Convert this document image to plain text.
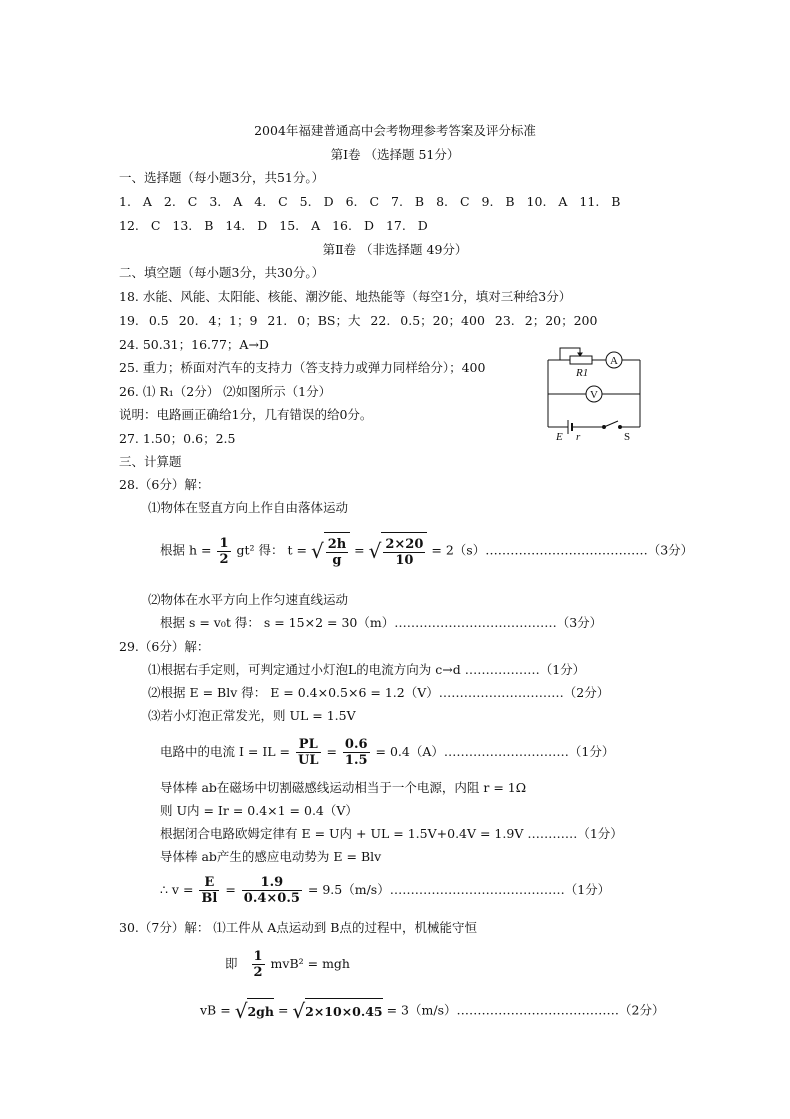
2004年福建普通高中会考物理参考答案及评分标准
第Ⅰ卷 （选择题 51分）
一、选择题（每小题3分，共51分。）
1. A 2. C 3. A 4. C 5. D 6. C 7. B 8. C 9. B 10. A 11. B
12. C 13. B 14. D 15. A 16. D 17. D
第Ⅱ卷 （非选择题 49分）
二、填空题（每小题3分，共30分。）
18. 水能、风能、太阳能、核能、潮汐能、地热能等（每空1分，填对三种给3分）
19. 0.5 20. 4；1；9 21. 0；BS；大 22. 0.5；20；400 23. 2；20；200
24. 50.31；16.77；A→D
25. 重力；桥面对汽车的支持力（答支持力或弹力同样给分）；400
26. ⑴ R₁（2分） ⑵如图所示（1分）
说明：电路画正确给1分，几有错误的给0分。
27. 1.50；0.6；2.5
R1
A
V
E r	S
三、计算题
28.（6分）解：
⑴物体在竖直方向上作自由落体运动
根据 $h = \frac{1}{2} gt^2$ 得： t = √ $\frac{2h}{g}$ = √ $\frac{2\times 20}{10}$ = 2（s）…………………………………（3分）
⑵物体在水平方向上作匀速直线运动
根据 s = v₀t 得： s = 15×2 = 30（m）…………………………………（3分）
29.（6分）解：
⑴根据右手定则，可判定通过小灯泡L的电流方向为 c→d ………………（1分）
⑵根据 E = Blv 得： E = 0.4×0.5×6 = 1.2（V）…………………………（2分）
⑶若小灯泡正常发光，则 UL = 1.5V
电路中的电流 I = IL = $\frac{PL}{UL} = \frac{0.6}{1.5}$ = 0.4（A）…………………………（1分）
导体棒 ab在磁场中切割磁感线运动相当于一个电源，内阻 r = 1Ω
则 U内 = Ir = 0.4×1 = 0.4（V）
根据闭合电路欧姆定律有 E = U内 + UL = 1.5V+0.4V = 1.9V …………（1分）
导体棒 ab产生的感应电动势为 E = Blv
∴ $v = \frac{E}{Bl} = \frac{1.9}{0.4\times 0.5}$ = 9.5（m/s）……………………………………（1分）
30.（7分）解： ⑴工件从 A点运动到 B点的过程中，机械能守恒
即 $\frac{1}{2} mvB^2$ = mgh
vB = √2gh = √2×10×0.45 = 3（m/s）…………………………………（2分）
